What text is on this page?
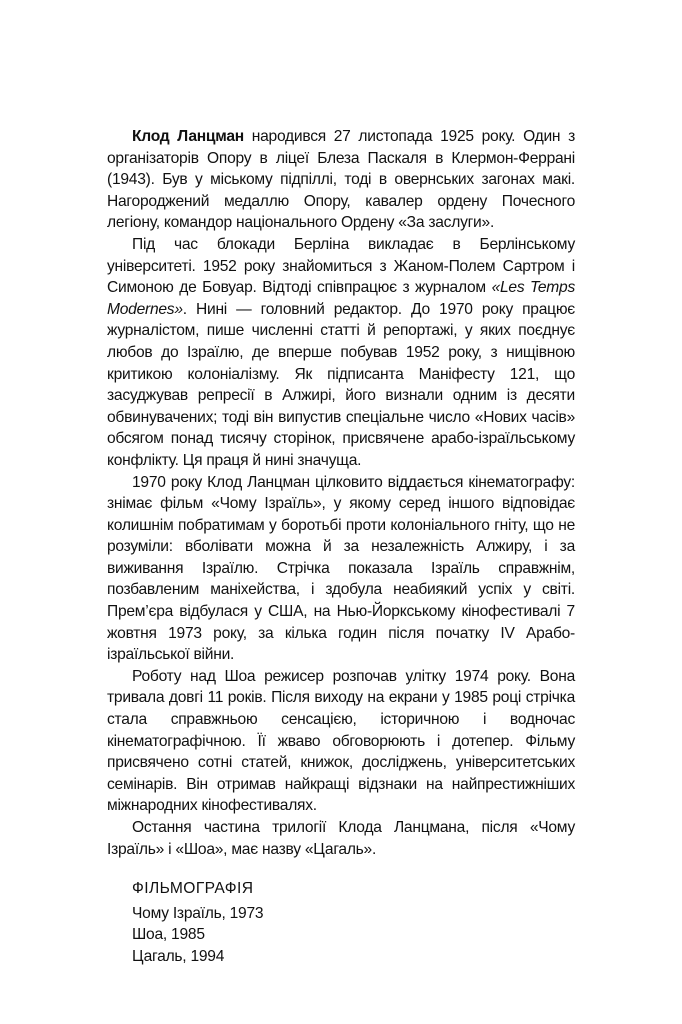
Клод Ланцман народився 27 листопада 1925 року. Один з організаторів Опору в ліцеї Блеза Паскаля в Клермон-Феррані (1943). Був у міському підпіллі, тоді в овернських загонах макі. Нагороджений медаллю Опору, кавалер ордену Почесного легіону, командор національного Ордену «За заслуги».

Під час блокади Берліна викладає в Берлінському університеті. 1952 року знайомиться з Жаном-Полем Сартром і Симоною де Бовуар. Відтоді співпрацює з журналом «Les Temps Modernes». Нині — головний редактор. До 1970 року працює журналістом, пише численні статті й репортажі, у яких поєднує любов до Ізраїлю, де вперше побував 1952 року, з нищівною критикою колоніалізму. Як підписанта Маніфесту 121, що засуджував репресії в Алжирі, його визнали одним із десяти обвинувачених; тоді він випустив спеціальне число «Нових часів» обсягом понад тисячу сторінок, присвячене арабо-ізраїльському конфлікту. Ця праця й нині значуща.

1970 року Клод Ланцман цілковито віддається кінематографу: знімає фільм «Чому Ізраїль», у якому серед іншого відповідає колишнім побратимам у боротьбі проти колоніального гніту, що не розуміли: вболівати можна й за незалежність Алжиру, і за виживання Ізраїлю. Стрічка показала Ізраїль справжнім, позбавленим маніхейства, і здобула неабиякий успіх у світі. Прем’єра відбулася у США, на Нью-Йоркському кінофестивалі 7 жовтня 1973 року, за кілька годин після початку IV Арабо-ізраїльської війни.

Роботу над Шоа режисер розпочав улітку 1974 року. Вона тривала довгі 11 років. Після виходу на екрани у 1985 році стрічка стала справжньою сенсацією, історичною і водночас кінематографічною. Її жваво обговорюють і дотепер. Фільму присвячено сотні статей, книжок, досліджень, університетських семінарів. Він отримав найкращі відзнаки на найпрестижніших міжнародних кінофестивалях.

Остання частина трилогії Клода Ланцмана, після «Чому Ізраїль» і «Шоа», має назву «Цагаль».

ФІЛЬМОГРАФІЯ
Чому Ізраїль, 1973
Шоа, 1985
Цагаль, 1994
